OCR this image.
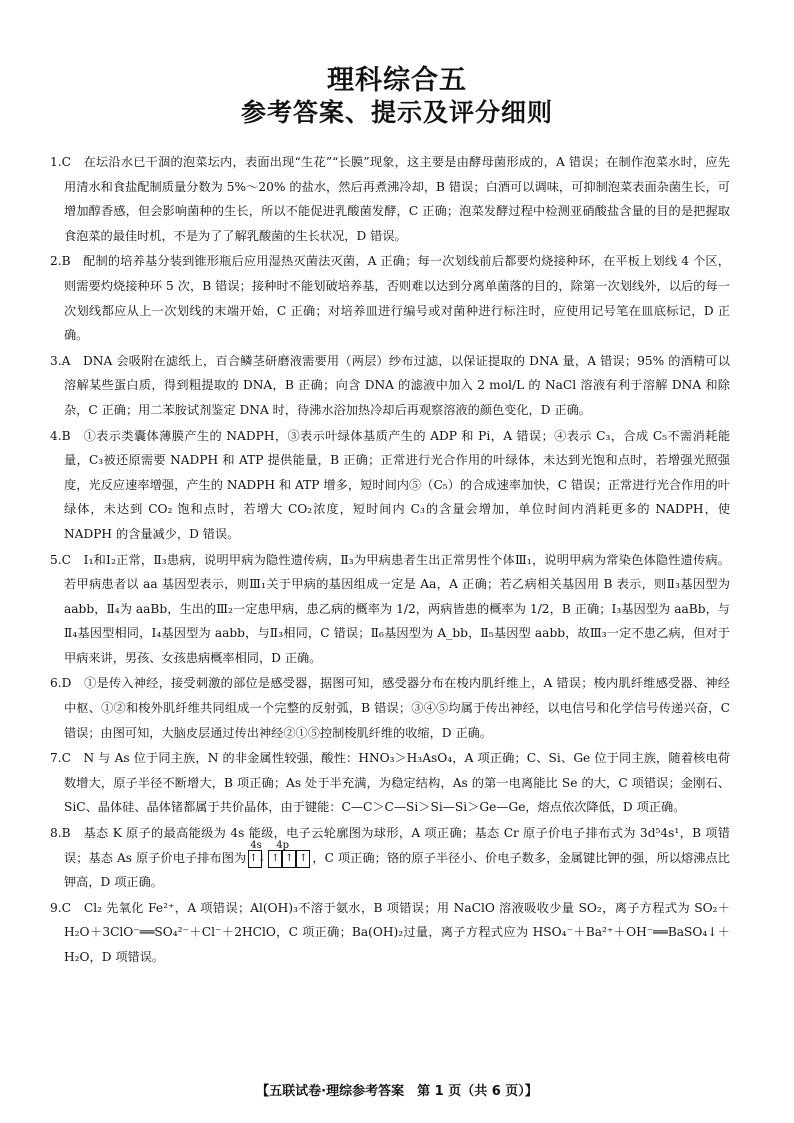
理科综合五
参考答案、提示及评分细则
1.C　 在坛沿水已干涸的泡菜坛内，表面出现“生花”“长膜”现象，这主要是由酵母菌形成的，A 错误；在制作泡菜水时，应先用清水和食盐配制质量分数为 5%～20% 的盐水，然后再煮沸冷却，B 错误；白酒可以调味，可抑制泡菜表面杂菌生长，可增加醇香感，但会影响菌种的生长，所以不能促进乳酸菌发酵，C 正确；泡菜发酵过程中检测亚硝酸盐含量的目的是把握取食泡菜的最佳时机，不是为了了解乳酸菌的生长状况，D 错误。
2.B　 配制的培养基分装到锥形瓶后应用湿热灭菌法灭菌，A 正确；每一次划线前后都要灼烧接种环，在平板上划线 4 个区，则需要灼烧接种环 5 次，B 错误；接种时不能划破培养基，否则难以达到分离单菌落的目的，除第一次划线外，以后的每一次划线都应从上一次划线的末端开始，C 正确；对培养皿进行编号或对菌种进行标注时，应使用记号笔在皿底标记，D 正确。
3.A　 DNA 会吸附在滤纸上，百合鳞茎研磨液需要用（两层）纱布过滤，以保证提取的 DNA 量，A 错误；95% 的酒精可以溶解某些蛋白质，得到粗提取的 DNA，B 正确；向含 DNA 的滤液中加入 2 mol/L 的 NaCl 溶液有利于溶解 DNA 和除杂，C 正确；用二苯胺试剂鉴定 DNA 时，待沸水浴加热冷却后再观察溶液的颜色变化，D 正确。
4.B　 ①表示类囊体薄膜产生的 NADPH，③表示叶绿体基质产生的 ADP 和 Pi，A 错误；④表示 C₃，合成 C₅不需消耗能量，C₃被还原需要 NADPH 和 ATP 提供能量，B 正确；正常进行光合作用的叶绿体，未达到光饱和点时，若增强光照强度，光反应速率增强，产生的 NADPH 和 ATP 增多，短时间内⑤（C₅）的合成速率加快，C 错误；正常进行光合作用的叶绿体，未达到 CO₂ 饱和点时，若增大 CO₂浓度，短时间内 C₃的含量会增加，单位时间内消耗更多的 NADPH，使 NADPH 的含量减少，D 错误。
5.C　 Ⅰ₁和Ⅰ₂正常，Ⅱ₃患病，说明甲病为隐性遗传病，Ⅱ₃为甲病患者生出正常男性个体Ⅲ₁，说明甲病为常染色体隐性遗传病。若甲病患者以 aa 基因型表示，则Ⅲ₁关于甲病的基因组成一定是 Aa，A 正确；若乙病相关基因用 B 表示，则Ⅱ₃基因型为 aabb，Ⅱ₄为 aaBb，生出的Ⅲ₂一定患甲病，患乙病的概率为 1/2，两病皆患的概率为 1/2，B 正确；Ⅰ₃基因型为 aaBb，与Ⅱ₄基因型相同，Ⅰ₄基因型为 aabb，与Ⅱ₃相同，C 错误；Ⅱ₆基因型为 A_bb，Ⅱ₅基因型 aabb，故Ⅲ₃一定不患乙病，但对于甲病来讲，男孩、女孩患病概率相同，D 正确。
6.D　 ①是传入神经，接受刺激的部位是感受器，据图可知，感受器分布在梭内肌纤维上，A 错误；梭内肌纤维感受器、神经中枢、①②和梭外肌纤维共同组成一个完整的反射弧，B 错误；③④⑤均属于传出神经，以电信号和化学信号传递兴奋，C 错误；由图可知，大脑皮层通过传出神经②①⑤控制梭肌纤维的收缩，D 正确。
7.C　 N 与 As 位于同主族，N 的非金属性较强，酸性：HNO₃＞H₃AsO₄，A 项正确；C、Si、Ge 位于同主族，随着核电荷数增大，原子半径不断增大，B 项正确；As 处于半充满，为稳定结构，As 的第一电离能比 Se 的大，C 项错误；金刚石、SiC、晶体硅、晶体锗都属于共价晶体，由于键能：C—C＞C—Si＞Si—Si＞Ge—Ge，熔点依次降低，D 项正确。
8.B　 基态 K 原子的最高能级为 4s 能级，电子云轮廓图为球形，A 项正确；基态 Cr 原子价电子排布式为 3d⁵4s¹，B 项错误；基态 As 原子价电子排布图为
4s
↑↓
4p
↑ ↑ ↑ ，C 项正确；铬的原子半径小、价电子数多，金属键比钾的强，所以熔沸点比钾高，D 项正确。
9.C　 Cl₂ 先氧化 Fe²⁺，A 项错误；Al(OH)₃不溶于氨水，B 项错误；用 NaClO 溶液吸收少量 SO₂，离子方程式为 SO₂＋H₂O＋3ClO⁻══SO₄²⁻＋Cl⁻＋2HClO，C 项正确；Ba(OH)₂过量，离子方程式应为 HSO₄⁻＋Ba²⁺＋OH⁻══BaSO₄↓＋H₂O，D 项错误。
【五联试卷·理综参考答案　第 1 页（共 6 页）】
